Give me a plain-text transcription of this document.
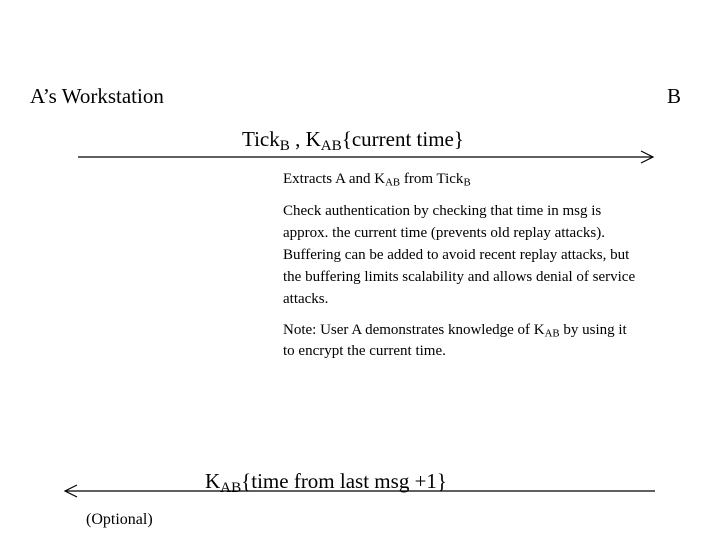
A’s Workstation	B
Tick$_B$ , $K_{AB}\{current$ time}
Extracts A and $K_{AB}$ from Tick$_B$
Check authentication by checking that time in msg is
approx. the current time (prevents old replay attacks).
Buffering can be added to avoid recent replay attacks, but
the buffering limits scalability and allows denial of service
attacks.
Note: User A demonstrates knowledge of $K_{AB}$ by using it
to encrypt the current time.
$K_{AB}\{time$ from last msg +1}
(Optional)
